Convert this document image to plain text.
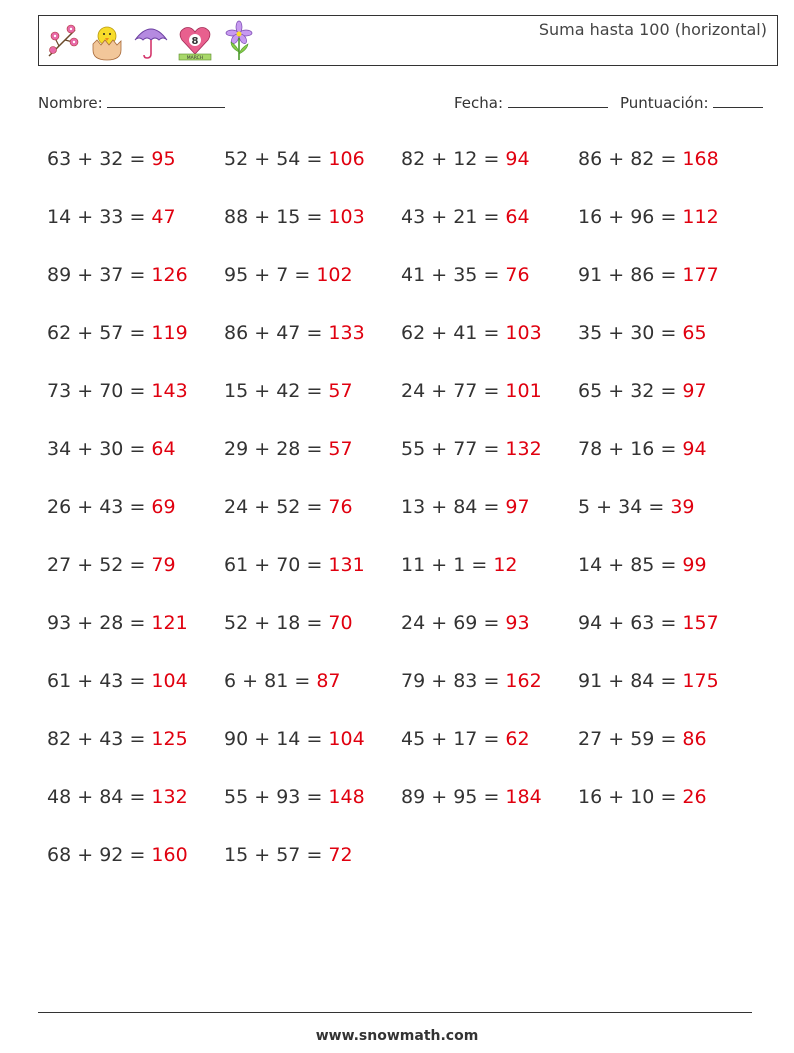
8
MARCH
Suma hasta 100 (horizontal)
Nombre:	Fecha:	Puntuación:
63 + 32 = 95
14 + 33 = 47
89 + 37 = 126
62 + 57 = 119
73 + 70 = 143
34 + 30 = 64
26 + 43 = 69
27 + 52 = 79
93 + 28 = 121
61 + 43 = 104
82 + 43 = 125
48 + 84 = 132
68 + 92 = 160
52 + 54 = 106
88 + 15 = 103
95 + 7 = 102
86 + 47 = 133
15 + 42 = 57
29 + 28 = 57
24 + 52 = 76
61 + 70 = 131
52 + 18 = 70
6 + 81 = 87
90 + 14 = 104
55 + 93 = 148
15 + 57 = 72
82 + 12 = 94
43 + 21 = 64
41 + 35 = 76
62 + 41 = 103
24 + 77 = 101
55 + 77 = 132
13 + 84 = 97
11 + 1 = 12
24 + 69 = 93
79 + 83 = 162
45 + 17 = 62
89 + 95 = 184
86 + 82 = 168
16 + 96 = 112
91 + 86 = 177
35 + 30 = 65
65 + 32 = 97
78 + 16 = 94
5 + 34 = 39
14 + 85 = 99
94 + 63 = 157
91 + 84 = 175
27 + 59 = 86
16 + 10 = 26
www.snowmath.com
